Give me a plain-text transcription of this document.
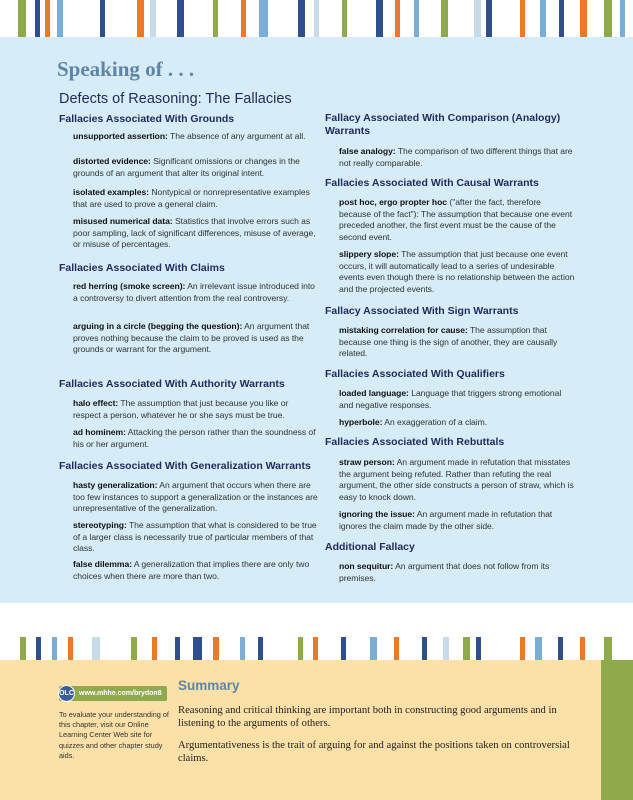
Speaking of . . .
Defects of Reasoning: The Fallacies
Fallacies Associated With Grounds
unsupported assertion: The absence of any argument at all.
distorted evidence: Significant omissions or changes in the grounds of an argument that alter its original intent.
isolated examples: Nontypical or nonrepresentative examples that are used to prove a general claim.
misused numerical data: Statistics that involve errors such as poor sampling, lack of significant differences, misuse of average, or misuse of percentages.
Fallacies Associated With Claims
red herring (smoke screen): An irrelevant issue introduced into a controversy to divert attention from the real controversy.
arguing in a circle (begging the question): An argument that proves nothing because the claim to be proved is used as the grounds or warrant for the argument.
Fallacies Associated With Authority Warrants
halo effect: The assumption that just because you like or respect a person, whatever he or she says must be true.
ad hominem: Attacking the person rather than the soundness of his or her argument.
Fallacies Associated With Generalization Warrants
hasty generalization: An argument that occurs when there are too few instances to support a generalization or the instances are unrepresentative of the generalization.
stereotyping: The assumption that what is considered to be true of a larger class is necessarily true of particular members of that class.
false dilemma: A generalization that implies there are only two choices when there are more than two.
Fallacy Associated With Comparison (Analogy) Warrants
false analogy: The comparison of two different things that are not really comparable.
Fallacies Associated With Causal Warrants
post hoc, ergo propter hoc ("after the fact, therefore because of the fact"): The assumption that because one event preceded another, the first event must be the cause of the second event.
slippery slope: The assumption that just because one event occurs, it will automatically lead to a series of undesirable events even though there is no relationship between the action and the projected events.
Fallacy Associated With Sign Warrants
mistaking correlation for cause: The assumption that because one thing is the sign of another, they are causally related.
Fallacies Associated With Qualifiers
loaded language: Language that triggers strong emotional and negative responses.
hyperbole: An exaggeration of a claim.
Fallacies Associated With Rebuttals
straw person: An argument made in refutation that misstates the argument being refuted. Rather than refuting the real argument, the other side constructs a person of straw, which is easy to knock down.
ignoring the issue: An argument made in refutation that ignores the claim made by the other side.
Additional Fallacy
non sequitur: An argument that does not follow from its premises.
OLC www.mhhe.com/brydon8
To evaluate your understanding of this chapter, visit our Online Learning Center Web site for quizzes and other chapter study aids.
Summary

Reasoning and critical thinking are important both in constructing good arguments and in listening to the arguments of others.

Argumentativeness is the trait of arguing for and against the positions taken on controversial claims.
